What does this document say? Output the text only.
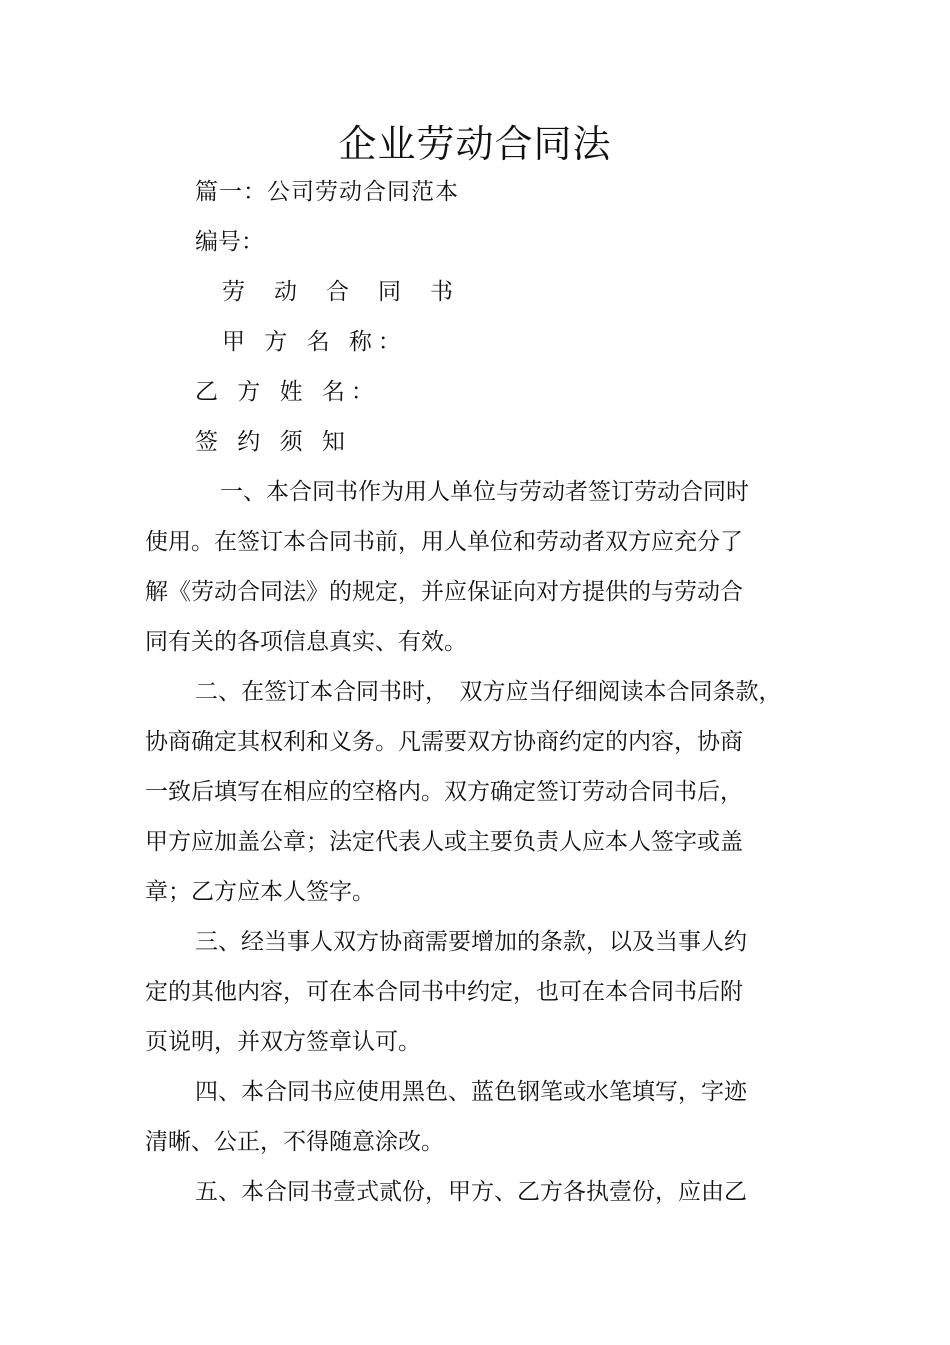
企业劳动合同法
篇一：公司劳动合同范本
编号：
劳　动　合　同　书
甲 方 名 称：
乙 方 姓 名：
签 约 须 知
一、本合同书作为用人单位与劳动者签订劳动合同时
使用。在签订本合同书前，用人单位和劳动者双方应充分了
解《劳动合同法》的规定，并应保证向对方提供的与劳动合
同有关的各项信息真实、有效。
二、在签订本合同书时，　双方应当仔细阅读本合同条款，
协商确定其权利和义务。凡需要双方协商约定的内容，协商
一致后填写在相应的空格内。双方确定签订劳动合同书后，
甲方应加盖公章；法定代表人或主要负责人应本人签字或盖
章；乙方应本人签字。
三、经当事人双方协商需要增加的条款，以及当事人约
定的其他内容，可在本合同书中约定，也可在本合同书后附
页说明，并双方签章认可。
四、本合同书应使用黑色、蓝色钢笔或水笔填写，字迹
清晰、公正，不得随意涂改。
五、本合同书壹式贰份，甲方、乙方各执壹份，应由乙
